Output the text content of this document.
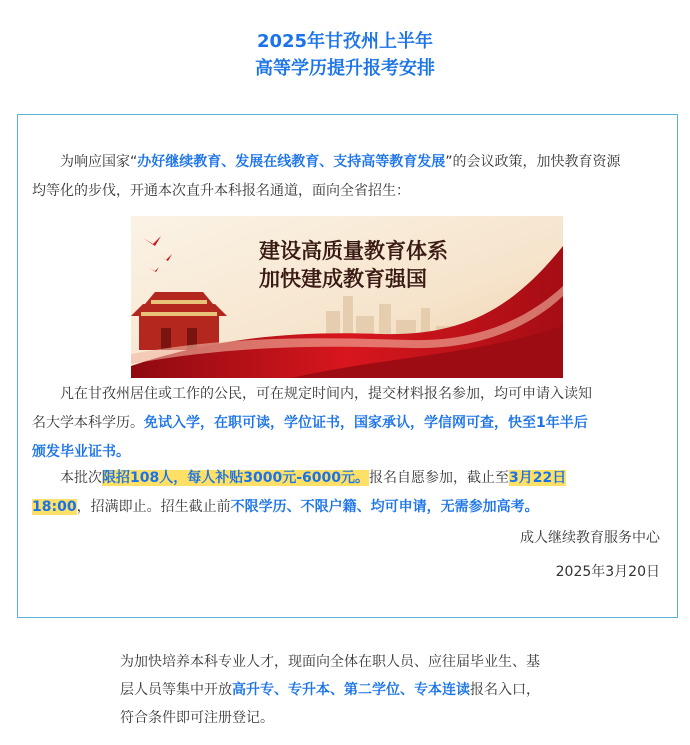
2025年甘孜州上半年
高等学历提升报考安排
为响应国家“办好继续教育、发展在线教育、支持高等教育发展”的会议政策，加快教育资源
均等化的步伐，开通本次直升本科报名通道，面向全省招生：
建设高质量教育体系
加快建成教育强国
凡在甘孜州居住或工作的公民，可在规定时间内，提交材料报名参加，均可申请入读知
名大学本科学历。免试入学，在职可读，学位证书，国家承认，学信网可查，快至1年半后
颁发毕业证书。
本批次限招108人，每人补贴3000元-6000元。报名自愿参加，截止至3月22日
18:00，招满即止。招生截止前不限学历、不限户籍、均可申请，无需参加高考。
成人继续教育服务中心
2025年3月20日
为加快培养本科专业人才，现面向全体在职人员、应往届毕业生、基
层人员等集中开放高升专、专升本、第二学位、专本连读报名入口，
符合条件即可注册登记。
